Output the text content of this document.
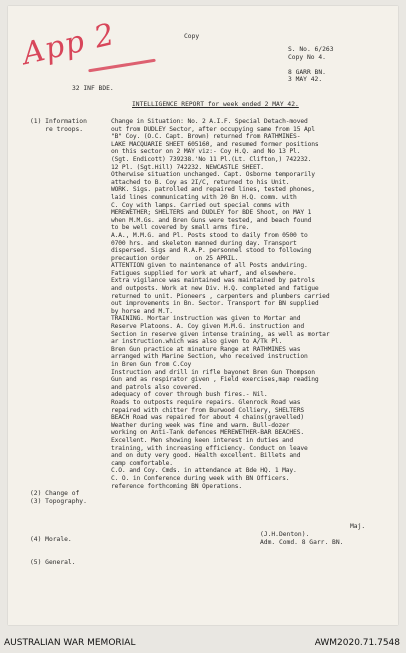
App 2	Copy
S. No. 6/263
Copy No 4.

8 GARR BN.
3 MAY 42.
32 INF BDE.
INTELLIGENCE REPORT for week ended 2 MAY 42.
(1) Information
re troops.
(2) Change of
(3) Topography.
(4) Morale.
(5) General.
Change in Situation: No. 2 A.I.F. Special Detach-moved
out from DUDLEY Sector, after occupying same from 15 Apl
"B" Coy. (O.C. Capt. Brown) returned from RATHMINES-
LAKE MACQUARIE SHEET 605160, and resumed former positions
on this sector on 2 MAY viz:- Coy H.Q. and No 13 Pl.
(Sgt. Endicott) 739238.'No 11 Pl.(Lt. Clifton,) 742232.
12 Pl. (Sgt.Hill) 742232. NEWCASTLE SHEET.
Otherwise situation unchanged. Capt. Osborne temporarily
attached to B. Coy as 2I/C, returned to his Unit.
WORK. Sigs. patrolled and repaired lines, tested phones,
laid lines communicating with 20 Bn H.Q. comm. with
C. Coy with lamps. Carried out special comms with
MEREWETHER; SHELTERS and DUDLEY for BDE Shoot, on MAY 1
when M.M.Gs. and Bren Guns were tested, and beach found
to be well covered by small arms fire.
A.A., M.M.G. and Pl. Posts stood to daily from 0500 to
0700 hrs. and skeleton manned during day. Transport
dispersed. Sigs and R.A.P. personnel stood to following
precaution order       on 25 APRIL.
ATTENTION given to maintenance of all Posts andwiring.
Fatigues supplied for work at wharf, and elsewhere.
Extra vigilance was maintained was maintained by patrols
and outposts. Work at new Div. H.Q. completed and fatigue
returned to unit. Pioneers , carpenters and plumbers carried
out improvements in Bn. Sector. Transport for BN supplied
by horse and M.T.
TRAINING. Mortar instruction was given to Mortar and
Reserve Platoons. A. Coy given M.M.G. instruction and
Section in reserve given intense training, as well as mortar
ar instruction.which was also given to A/Tk Pl.
Bren Gun practice at minature Range at RATHMINES was
arranged with Marine Section, who received instruction
in Bren Gun from C.Coy
Instruction and drill in rifle bayonet Bren Gun Thompson
Gun and as respirator given , Field exercises,map reading
and patrols also covered.
adequacy of cover through bush fires.- Nil.
Roads to outposts require repairs. Glenrock Road was
repaired with chitter from Burwood Colliery, SHELTERS
BEACH Road was repaired for about 4 chains(gravelled)
Weather during week was fine and warm. Bull-dozer
working on Anti-Tank defences MEREWETHER-BAR BEACHES.
Excellent. Men showing keen interest in duties and
training, with increasing efficiency. Conduct on leave
and on duty very good. Health excellent. Billets and
camp comfortable.
C.O. and Coy. Cmds. in attendance at Bde HQ. 1 May.
C. O. in Conference during week with BN Officers.
reference forthcoming BN Operations.
Maj.
(J.H.Denton).
Adm. Comd. 8 Garr. BN.
AUSTRALIAN WAR MEMORIAL	AWM2020.71.7548
